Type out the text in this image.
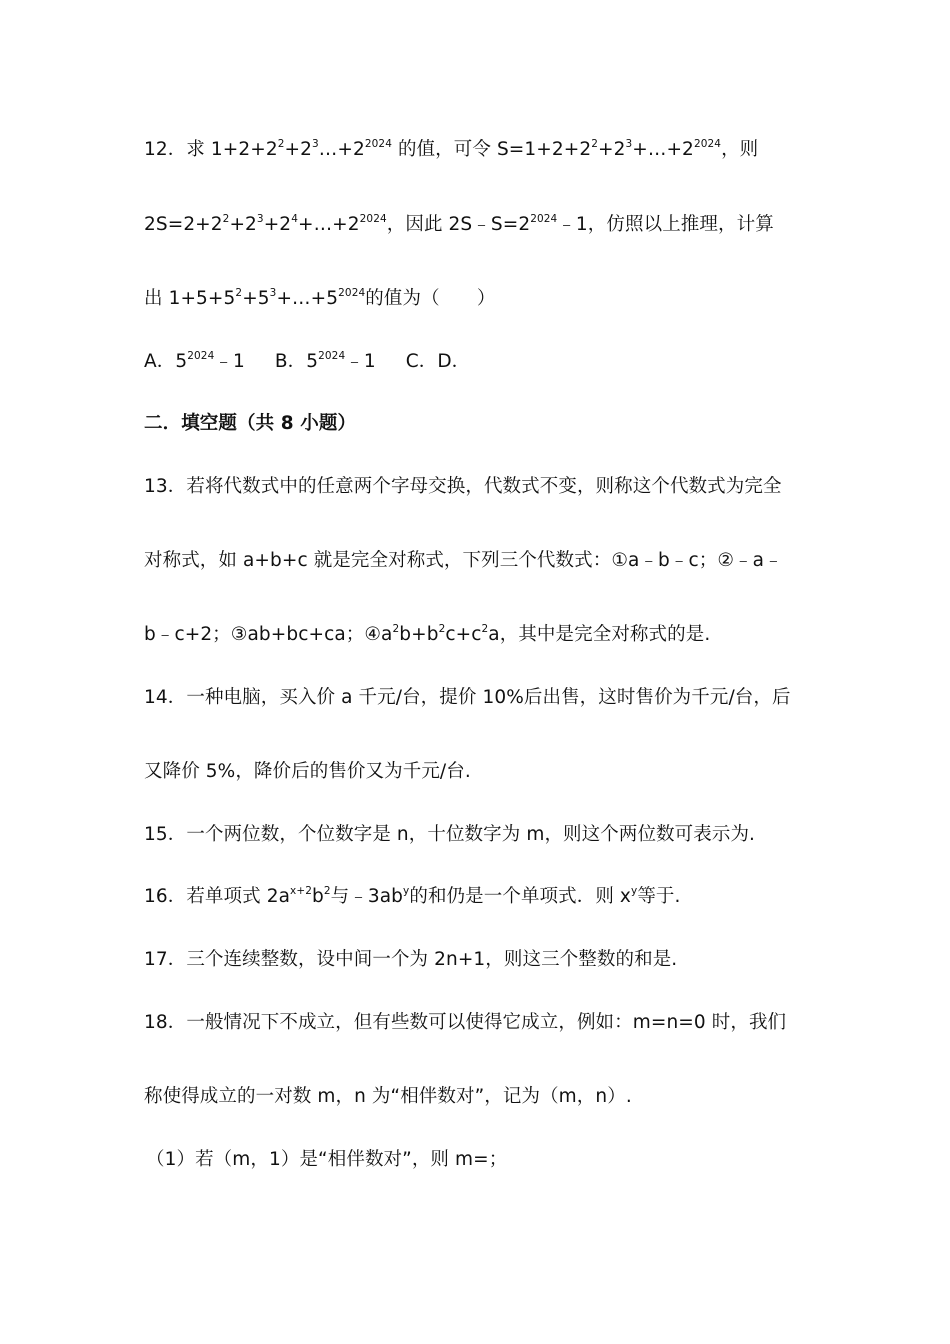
12．求 $1+2+2^2+2^3\dots+2^{2024}$ 的值，可令 $S=1+2+2^2+2^3+\dots+2^{2024}$，则
$2S=2+2^2+2^3+2^4+\dots+2^{2024}$，因此 $2S﹣S=2^{2024}﹣1$，仿照以上推理，计算
出 $1+5+5^2+5^3+\dots+5^{2024}$的值为（　　）
A．$5^{2024}﹣1$ B．$5^{2024}﹣1$ C．D．
二．填空题（共 8 小题）
13．若将代数式中的任意两个字母交换，代数式不变，则称这个代数式为完全
对称式，如 a+b+c 就是完全对称式，下列三个代数式：①a﹣b﹣c；②﹣a﹣
b﹣c+2；③ab+bc+ca；$④a^2b+b^2c+c^2a$，其中是完全对称式的是.
14．一种电脑，买入价 a 千元/台，提价 10%后出售，这时售价为千元/台，后
又降价 5%，降价后的售价又为千元/台.
15．一个两位数，个位数字是 n，十位数字为 m，则这个两位数可表示为.
16．若单项式 $2a^{x+2}b^2$与$﹣3ab^y$的和仍是一个单项式．则 $x^y$等于.
17．三个连续整数，设中间一个为 2n+1，则这三个整数的和是.
18．一般情况下不成立，但有些数可以使得它成立，例如：m=n=0 时，我们
称使得成立的一对数 m，n 为“相伴数对”，记为（m，n）.
（1）若（m，1）是“相伴数对”，则 m=；
